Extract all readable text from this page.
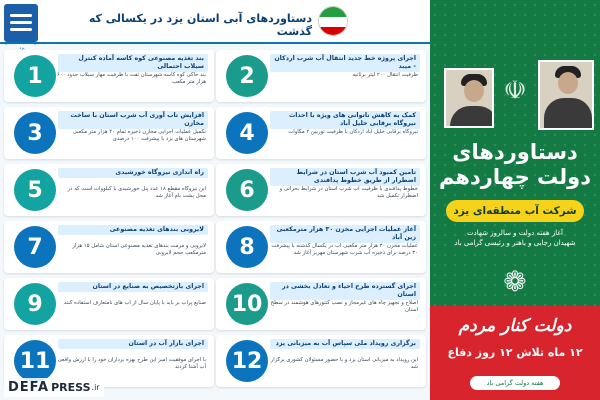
شرکت آب منطقه ای یزد
دستاوردهای آبی استان یزد در یکسالی که گذشت
2
اجرای پروژه خط جدید انتقال آب شرب اردکان - میبد
ظرفیت انتقال ۲۰۰ لیتر برثانیه
4
کمک به کاهش ناتوانی های ویژه با احداث نیروگاه برقابی خلیل آباد
نیروگاه برقابی خلیل آباد اردکان با ظرفیت توربین ۲ مگاوات
6
تامین کمبود آب شرب استان در شرایط اضطرار از طریق خطوط پدافندی
خطوط پدافندی با ظرفیت آب شرب استان در شرایط بحرانی و اضطرار تکمیل شد
8
آغاز عملیات اجرایی مخزن ۳۰ هزار مترمکعبی زین آباد
عملیات مخزن ۳۰ هزار متر مکعبی آب در یکسال گذشته با پیشرفت ۳۰ درصد برای ذخیره آب شرب شهرستان مهریز آغاز شد
10
اجرای گسترده طرح احیاء و تعادل بخشی در استان
اصلاح و تجهیز چاه های غیرمجاز و نصب کنتورهای هوشمند در سطح استان
12
برگزاری رویداد ملی سپاس آب به میزبانی یزد
این رویداد به میزبانی استان یزد و با حضور مسئولان کشوری برگزار شد
1
بند تغذیه مصنوعی کوه کاسه آماده کنترل سیلاب احتمالی
بند خاکی کوه کاسه شهرستان تفت با ظرفیت مهار سیلاب حدود ۶۰۰ هزار متر مکعب
3
افزایش تاب آوری آب شرب استان با ساخت مخازن
تکمیل عملیات اجرایی مخازن ذخیره تمام ۴۰ هزار متر مکعبی شهرستان های یزد با پیشرفت ۱۰۰ درصدی
5
راه اندازی نیروگاه خورشیدی
این نیروگاه مقطع ۱۸ عدد پنل خورشیدی با کیلووات است که در محل پشت بام آغاز شد
7
لایروبی بندهای تغذیه مصنوعی
لایروبی و مرمت بندهای تغذیه مصنوعی استان شامل ۱۵ هزار مترمکعب حجم لایروبی
9
اجرای بازتخصیص به صنایع در استان
صنایع پرآب بر باید با پایان سال از آب های نامتعارف استفاده کنند
11
اجرای بازار آب در استان
با اجرای موفقیت آمیز این طرح بهره برداران خود را با ارزش واقعی آب آشنا کردند
☫
دستاوردهای
دولت چهاردهم
شرکت آب منطقه‌ای یزد
آغاز هفته دولت و سالروز شهادت
شهیدان رجایی و باهنر و رئیسی گرامی باد
❁
دولت کنار مردم
۱۲ ماه تلاش ۱۲ روز دفاع
هفته دولت گرامی باد
DEFA PRESS .ir
